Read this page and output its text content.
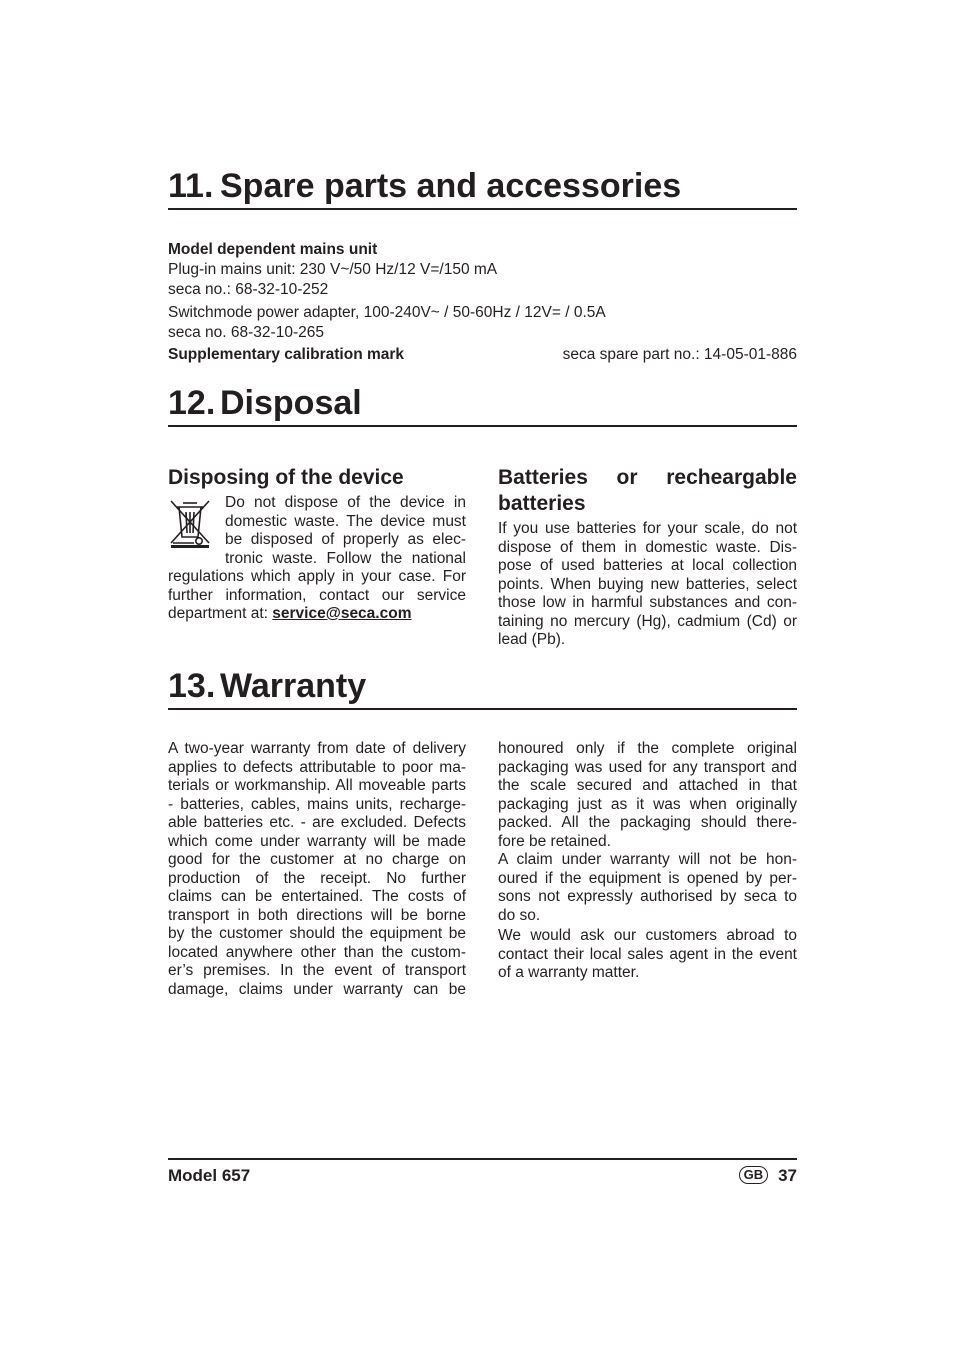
11. Spare parts and accessories
Model dependent mains unit
Plug-in mains unit: 230 V~/50 Hz/12 V=/150 mA
seca no.: 68-32-10-252
Switchmode power adapter, 100-240V~ / 50-60Hz / 12V= / 0.5A
seca no. 68-32-10-265
Supplementary calibration mark	seca spare part no.: 14-05-01-886
12. Disposal
Disposing of the device
Do not dispose of the device in
domestic waste. The device must
be disposed of properly as elec-
tronic waste. Follow the national
regulations which apply in your case. For
further information, contact our service
department at: service@seca.com
Batteries or recheargable
batteries
If you use batteries for your scale, do not
dispose of them in domestic waste. Dis-
pose of used batteries at local collection
points. When buying new batteries, select
those low in harmful substances and con-
taining no mercury (Hg), cadmium (Cd) or
lead (Pb).
13. Warranty
A two-year warranty from date of delivery
applies to defects attributable to poor ma-
terials or workmanship. All moveable parts
- batteries, cables, mains units, recharge-
able batteries etc. - are excluded. Defects
which come under warranty will be made
good for the customer at no charge on
production of the receipt. No further
claims can be entertained. The costs of
transport in both directions will be borne
by the customer should the equipment be
located anywhere other than the custom-
er’s premises. In the event of transport
damage, claims under warranty can be
honoured only if the complete original
packaging was used for any transport and
the scale secured and attached in that
packaging just as it was when originally
packed. All the packaging should there-
fore be retained.
A claim under warranty will not be hon-
oured if the equipment is opened by per-
sons not expressly authorised by seca to
do so.
We would ask our customers abroad to
contact their local sales agent in the event
of a warranty matter.
Model 657	GB 37
